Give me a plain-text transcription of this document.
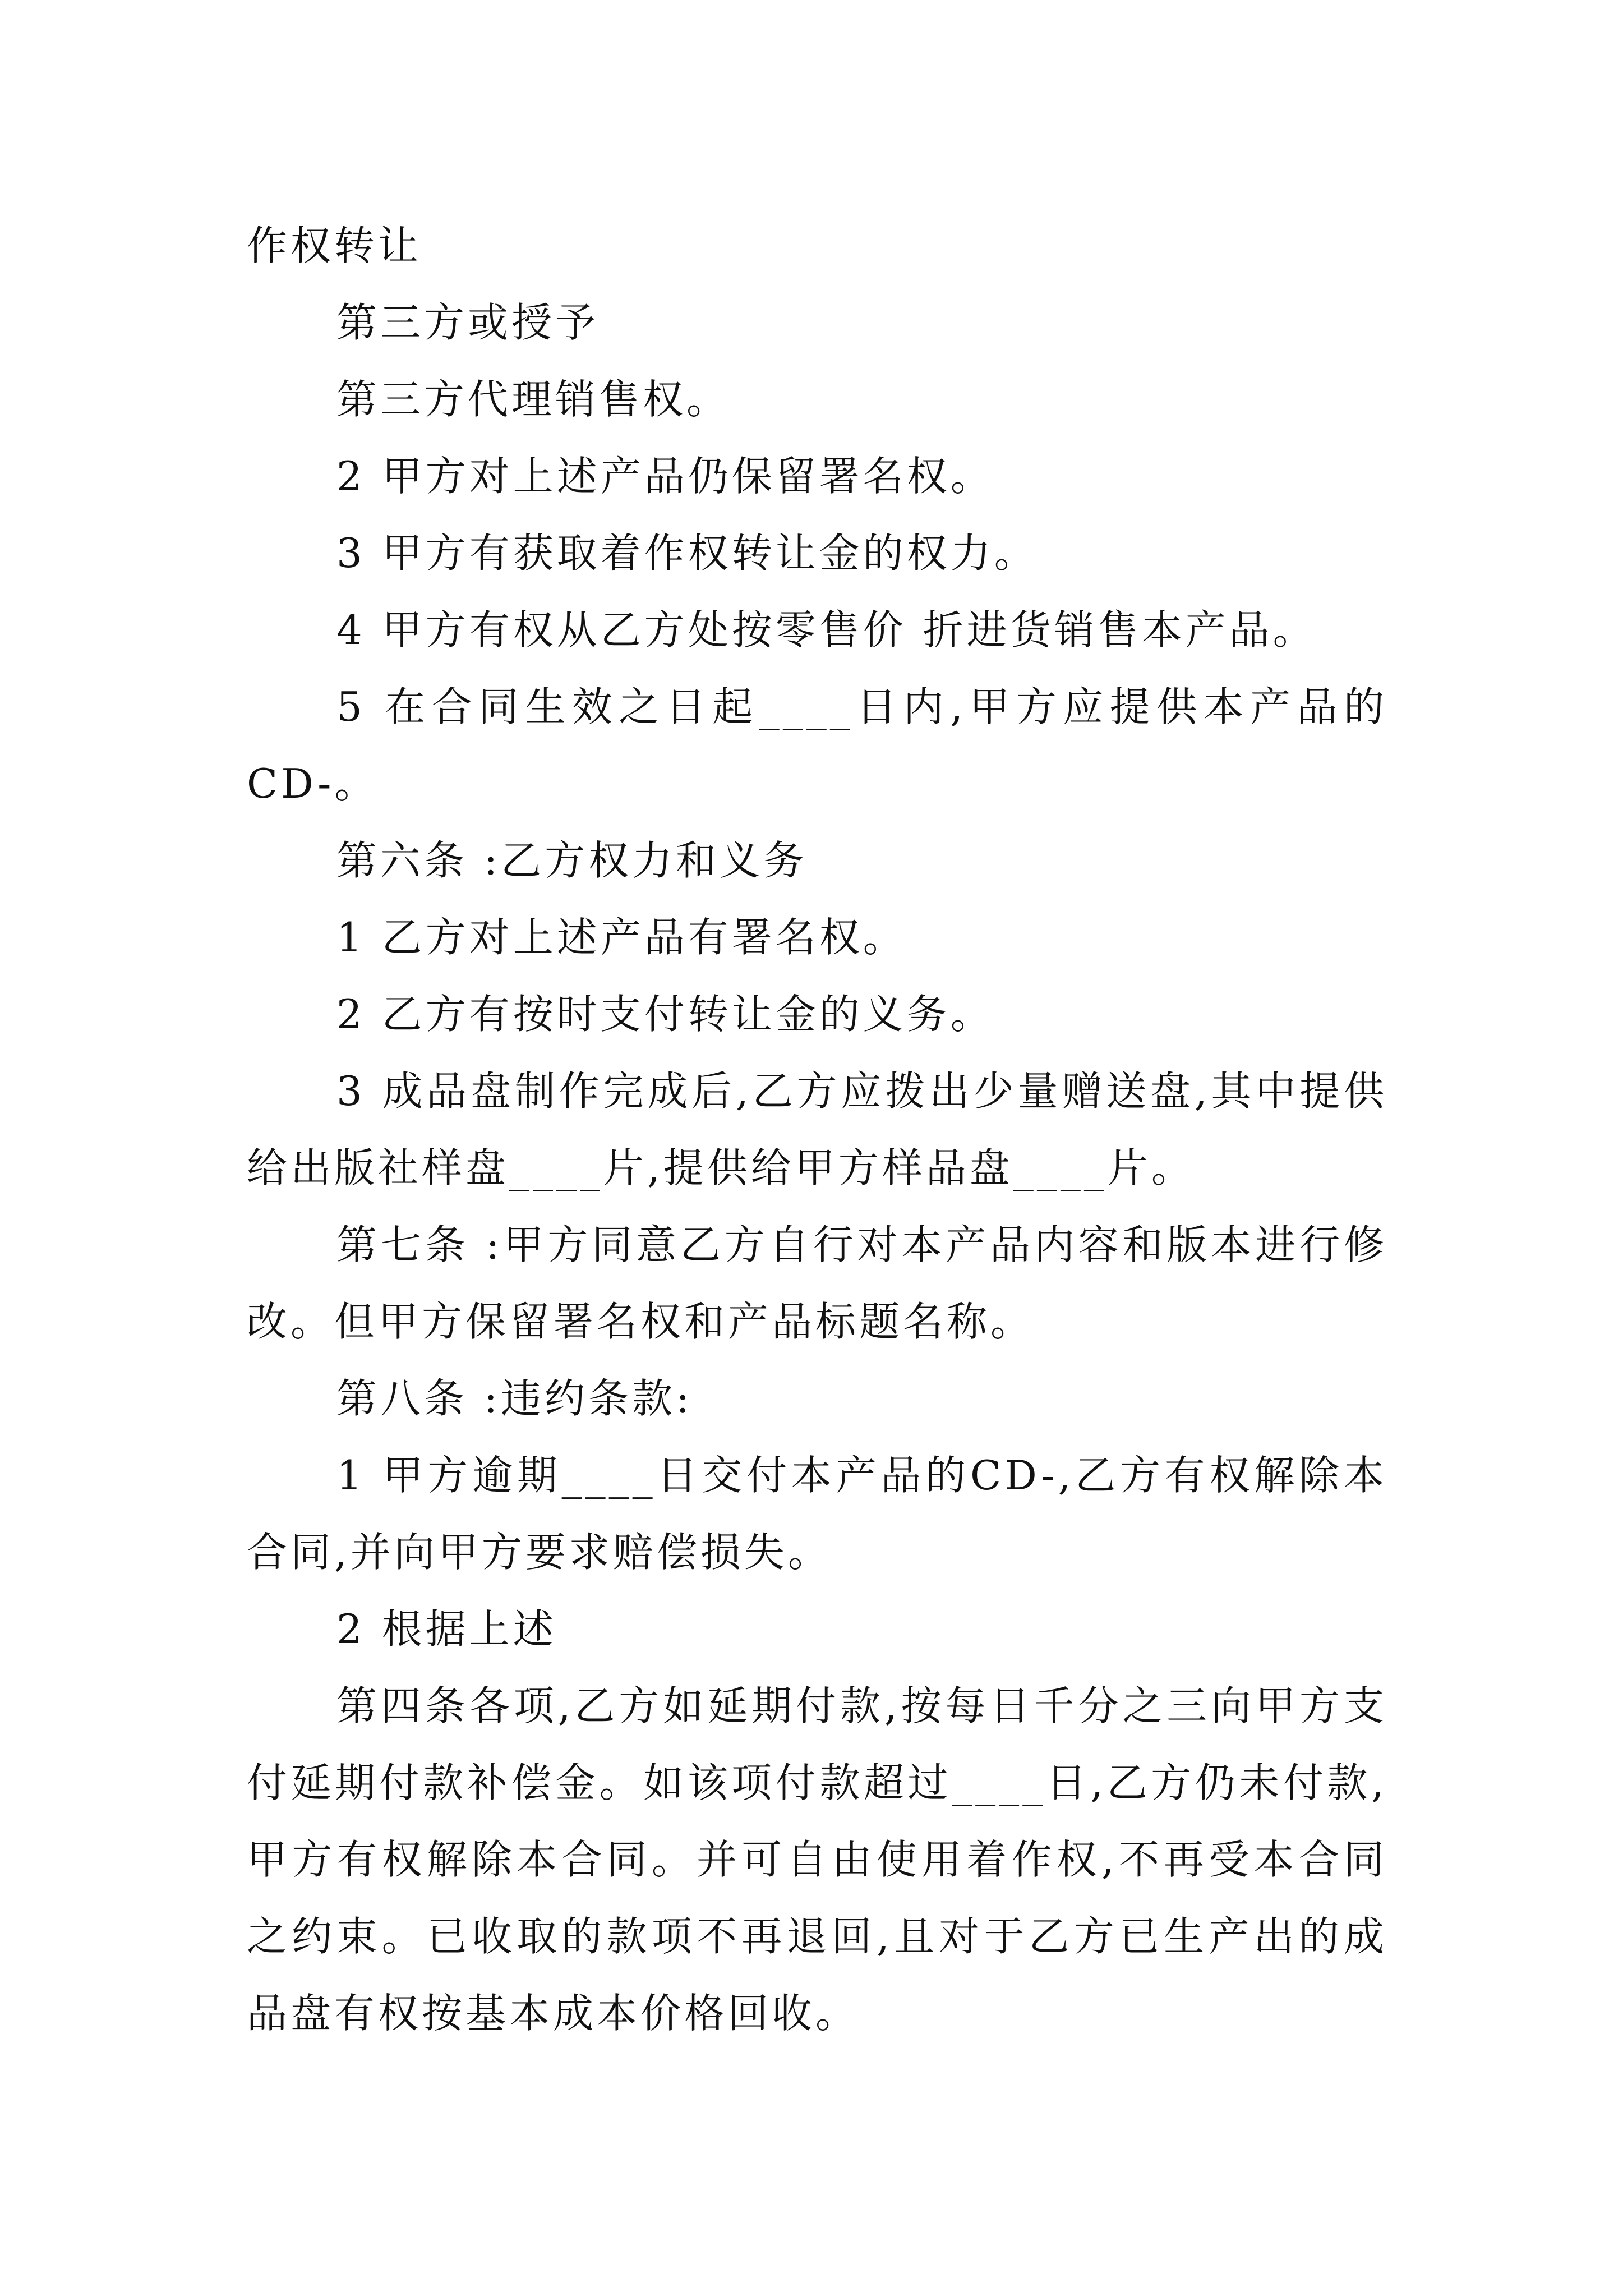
作权转让

第三方或授予

第三方代理销售权。

2 甲方对上述产品仍保留署名权。

3 甲方有获取着作权转让金的权力。

4 甲方有权从乙方处按零售价 折进货销售本产品。

5 在合同生效之日起____日内,甲方应提供本产品的CD-。

第六条 :乙方权力和义务

1 乙方对上述产品有署名权。

2 乙方有按时支付转让金的义务。

3 成品盘制作完成后,乙方应拨出少量赠送盘,其中提供给出版社样盘____片,提供给甲方样品盘____片。

第七条 :甲方同意乙方自行对本产品内容和版本进行修改。但甲方保留署名权和产品标题名称。

第八条 :违约条款:

1 甲方逾期____日交付本产品的CD-,乙方有权解除本合同,并向甲方要求赔偿损失。

2 根据上述

第四条各项,乙方如延期付款,按每日千分之三向甲方支付延期付款补偿金。如该项付款超过____日,乙方仍未付款,甲方有权解除本合同。并可自由使用着作权,不再受本合同之约束。已收取的款项不再退回,且对于乙方已生产出的成品盘有权按基本成本价格回收。
